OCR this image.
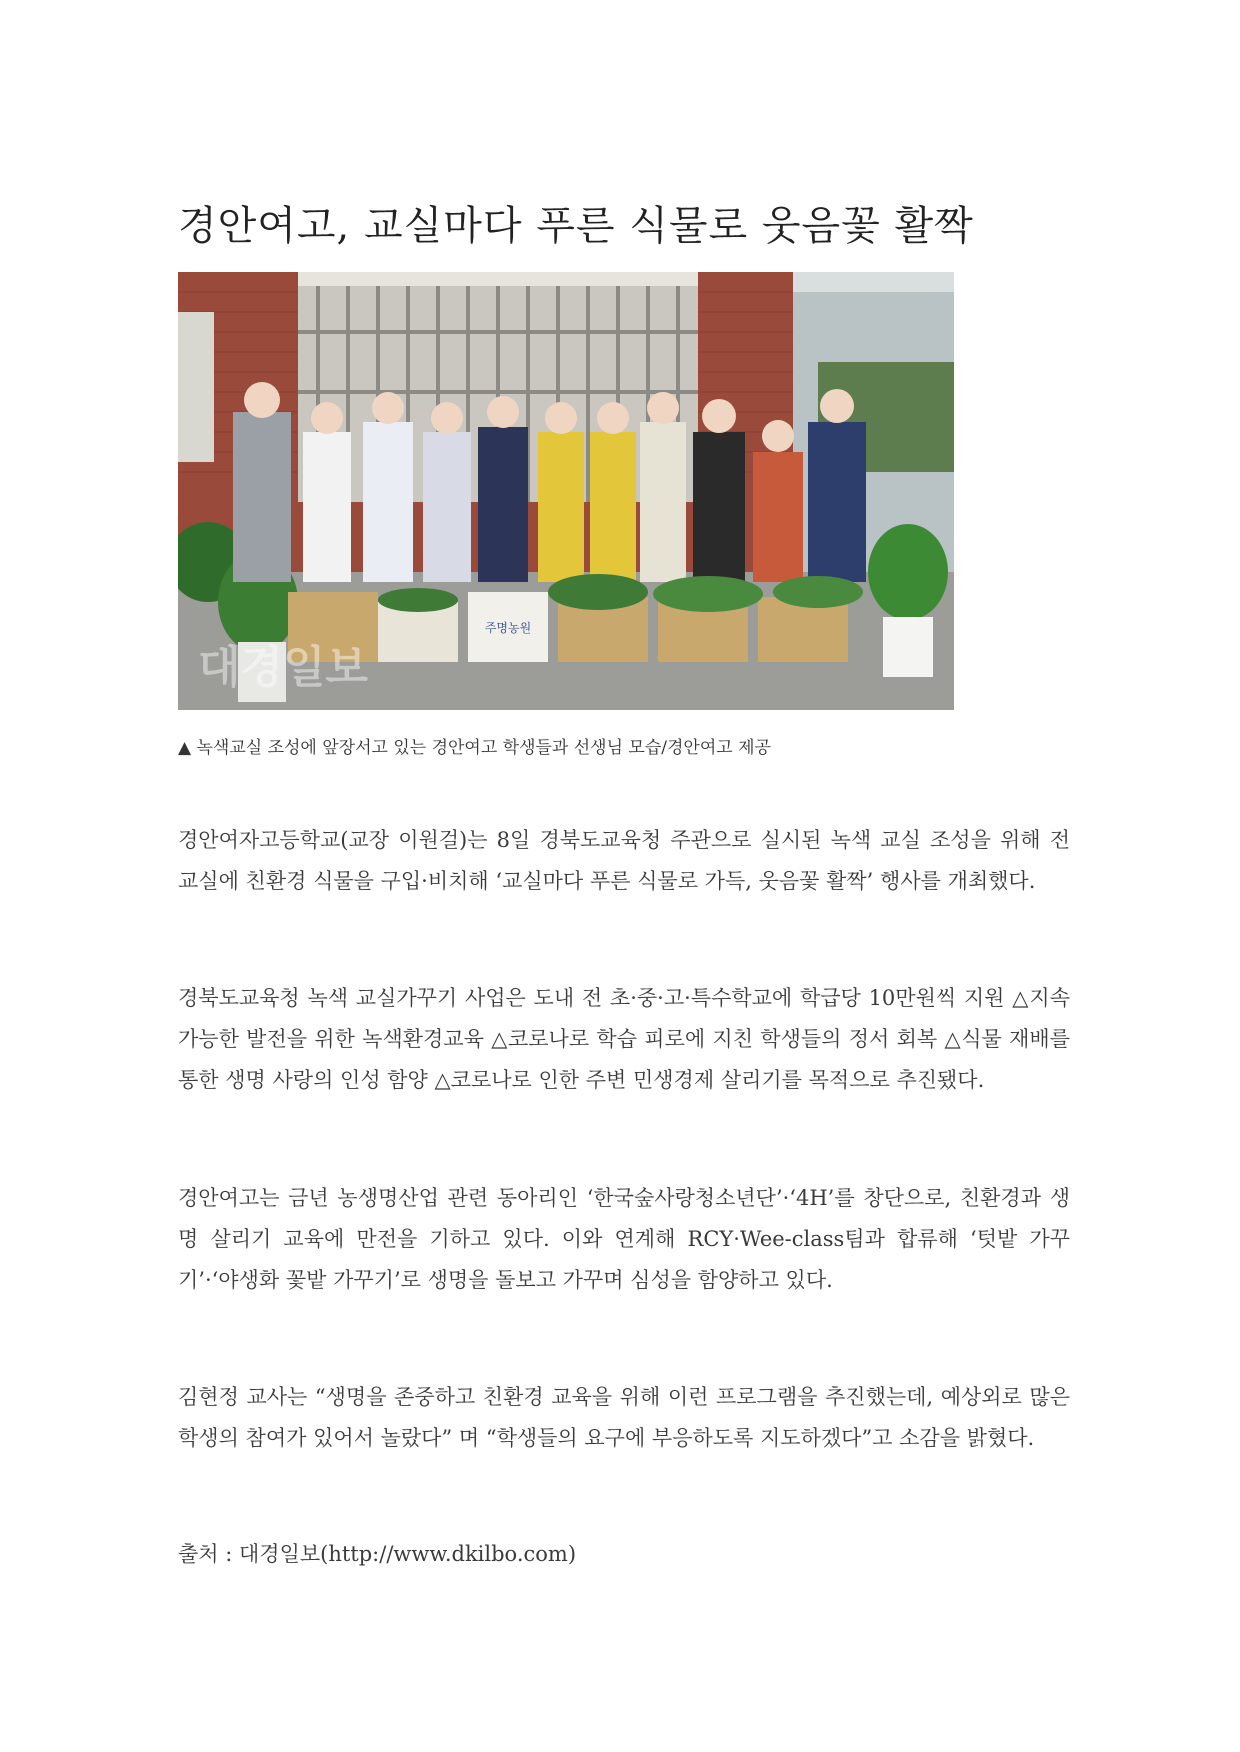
경안여고, 교실마다 푸른 식물로 웃음꽃 활짝
주명농원
대경일보
▲ 녹색교실 조성에 앞장서고 있는 경안여고 학생들과 선생님 모습/경안여고 제공

경안여자고등학교(교장 이원걸)는 8일 경북도교육청 주관으로 실시된 녹색 교실 조성을 위해 전 교실에 친환경 식물을 구입·비치해 ‘교실마다 푸른 식물로 가득, 웃음꽃 활짝’ 행사를 개최했다.

경북도교육청 녹색 교실가꾸기 사업은 도내 전 초·중·고·특수학교에 학급당 10만원씩 지원 △지속가능한 발전을 위한 녹색환경교육 △코로나로 학습 피로에 지친 학생들의 정서 회복 △식물 재배를 통한 생명 사랑의 인성 함양 △코로나로 인한 주변 민생경제 살리기를 목적으로 추진됐다.

경안여고는 금년 농생명산업 관련 동아리인 ‘한국숲사랑청소년단’·‘4H’를 창단으로, 친환경과 생명 살리기 교육에 만전을 기하고 있다. 이와 연계해 RCY·Wee-class팀과 합류해 ‘텃밭 가꾸기’·‘야생화 꽃밭 가꾸기’로 생명을 돌보고 가꾸며 심성을 함양하고 있다.

김현정 교사는 “생명을 존중하고 친환경 교육을 위해 이런 프로그램을 추진했는데, 예상외로 많은 학생의 참여가 있어서 놀랐다” 며 “학생들의 요구에 부응하도록 지도하겠다”고 소감을 밝혔다.

출처 : 대경일보(http://www.dkilbo.com)
